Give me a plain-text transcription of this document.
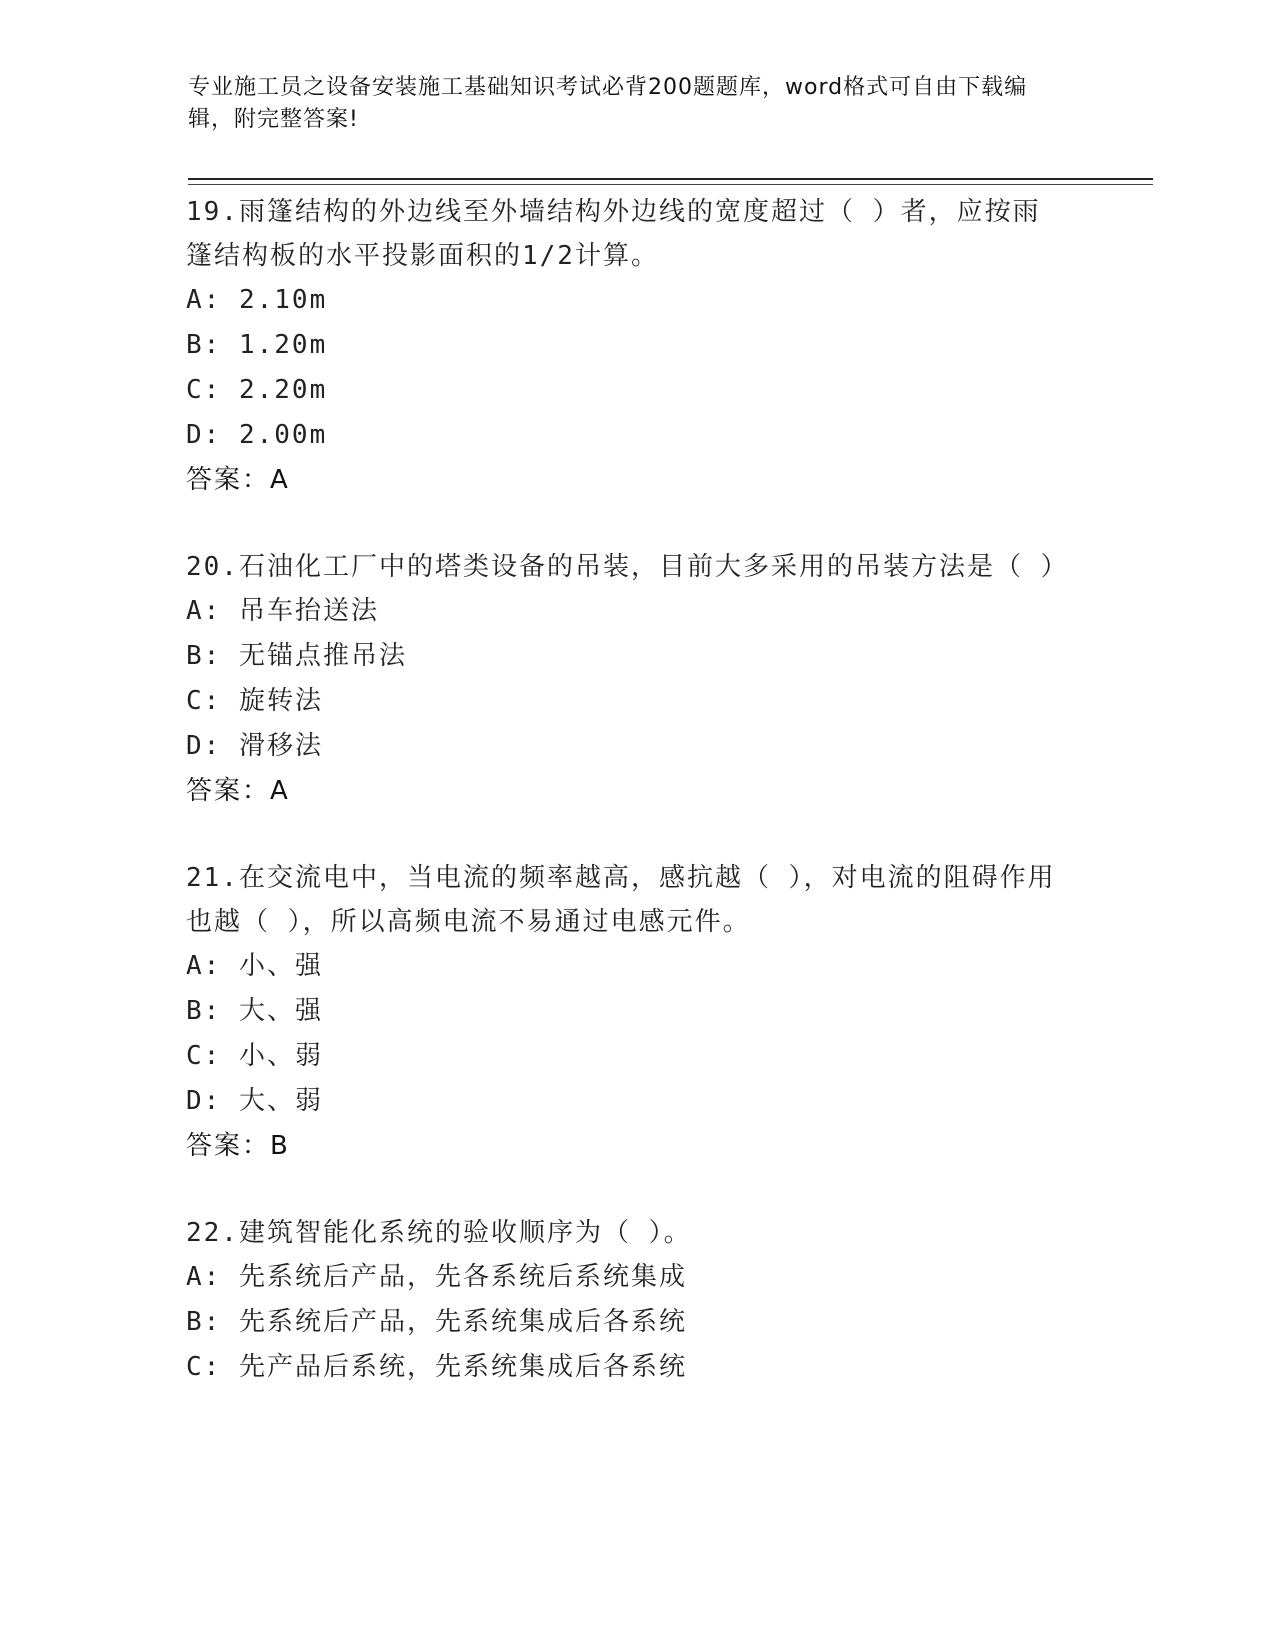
专业施工员之设备安装施工基础知识考试必背200题题库，word格式可自由下载编辑，附完整答案!
19.雨篷结构的外边线至外墙结构外边线的宽度超过（ ）者，应按雨篷结构板的水平投影面积的1/2计算。
A: 2.10m
B: 1.20m
C: 2.20m
D: 2.00m
答案：A
20.石油化工厂中的塔类设备的吊装，目前大多采用的吊装方法是（ ）
A: 吊车抬送法
B: 无锚点推吊法
C: 旋转法
D: 滑移法
答案：A
21.在交流电中，当电流的频率越高，感抗越（ ），对电流的阻碍作用也越（ ），所以高频电流不易通过电感元件。
A: 小、强
B: 大、强
C: 小、弱
D: 大、弱
答案：B
22.建筑智能化系统的验收顺序为（ ）。
A: 先系统后产品，先各系统后系统集成
B: 先系统后产品，先系统集成后各系统
C: 先产品后系统，先系统集成后各系统
